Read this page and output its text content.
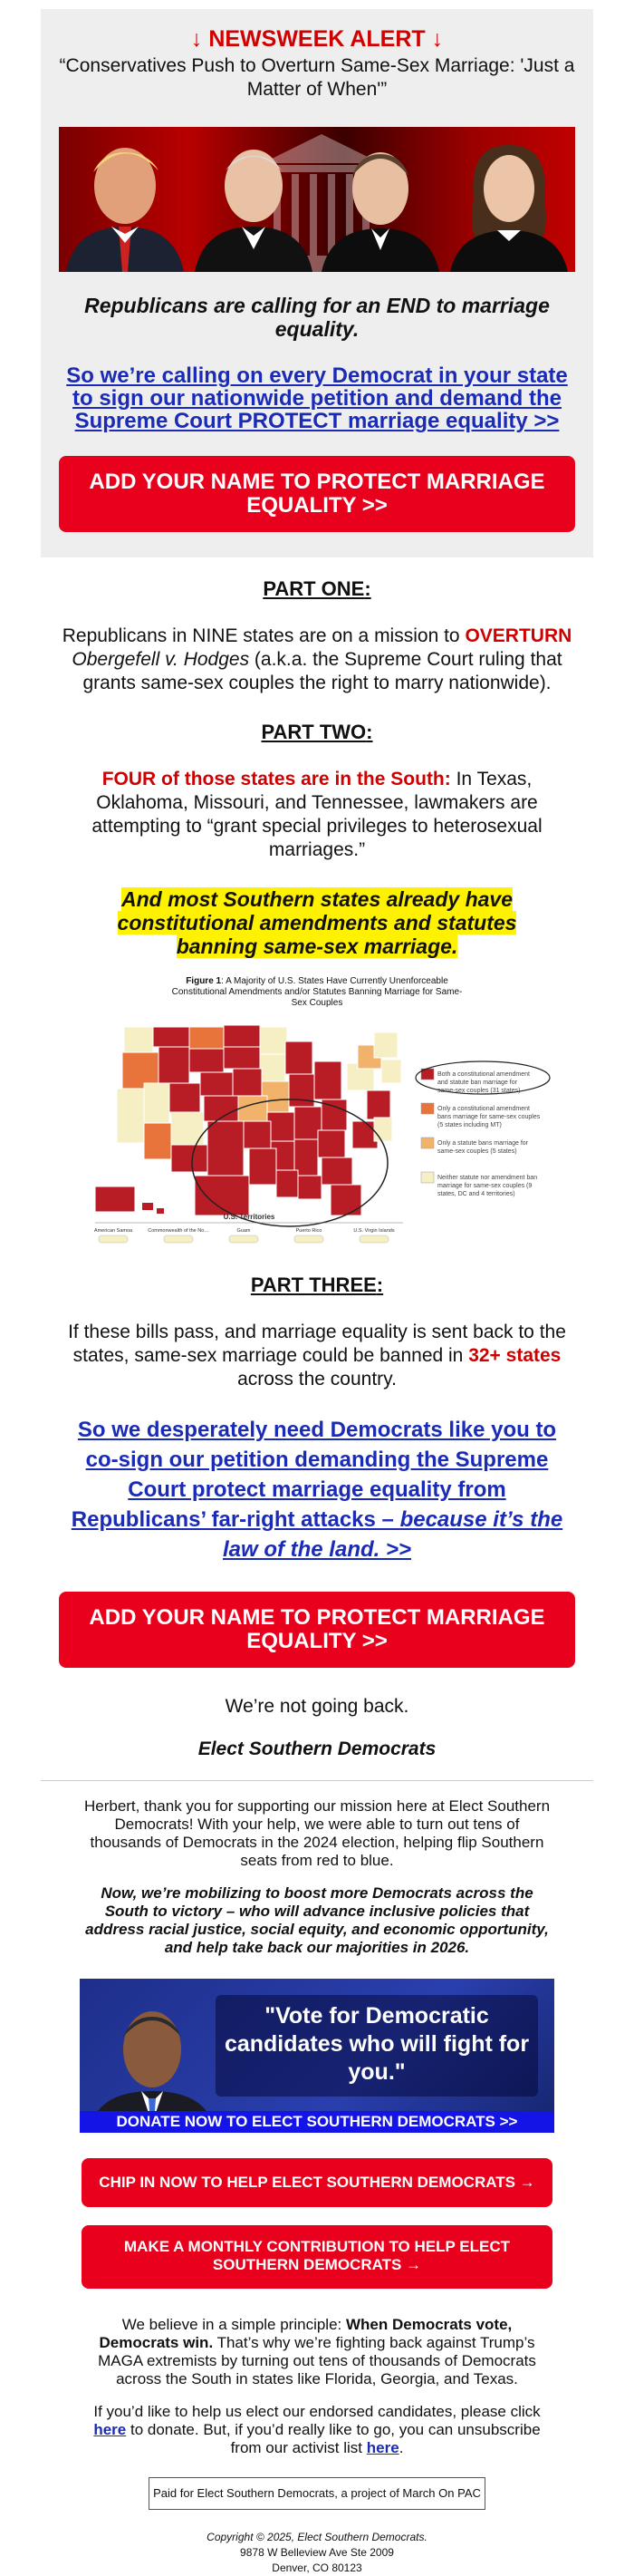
↓ NEWSWEEK ALERT ↓
“Conservatives Push to Overturn Same-Sex Marriage: 'Just a Matter of When'”
Republicans are calling for an END to marriage equality.
So we’re calling on every Democrat in your state to sign our nationwide petition and demand the Supreme Court PROTECT marriage equality >>
ADD YOUR NAME TO PROTECT MARRIAGE EQUALITY >>
PART ONE:
Republicans in NINE states are on a mission to OVERTURN Obergefell v. Hodges (a.k.a. the Supreme Court ruling that grants same-sex couples the right to marry nationwide).
PART TWO:
FOUR of those states are in the South: In Texas, Oklahoma, Missouri, and Tennessee, lawmakers are attempting to “grant special privileges to heterosexual marriages.”
And most Southern states already have constitutional amendments and statutes banning same-sex marriage.
Figure 1: A Majority of U.S. States Have Currently Unenforceable Constitutional Amendments and/or Statutes Banning Marriage for Same-Sex Couples
Both a constitutional amendment and statute ban marriage for same-sex couples (31 states)
Only a constitutional amendment bans marriage for same-sex couples (5 states including MT)
Only a statute bans marriage for same-sex couples (5 states)
Neither statute nor amendment ban marriage for same-sex couples (9 states, DC and 4 territories)
U.S. Territories
American Samoa	Commonwealth of the No…	Guam	Puerto Rico	U.S. Virgin Islands
PART THREE:
If these bills pass, and marriage equality is sent back to the states, same-sex marriage could be banned in 32+ states across the country.
So we desperately need Democrats like you to co-sign our petition demanding the Supreme Court protect marriage equality from Republicans’ far-right attacks – because it’s the law of the land. >>
ADD YOUR NAME TO PROTECT MARRIAGE EQUALITY >>
We’re not going back.
Elect Southern Democrats
Herbert, thank you for supporting our mission here at Elect Southern Democrats! With your help, we were able to turn out tens of thousands of Democrats in the 2024 election, helping flip Southern seats from red to blue.
Now, we’re mobilizing to boost more Democrats across the South to victory – who will advance inclusive policies that address racial justice, social equity, and economic opportunity, and help take back our majorities in 2026.
"Vote for Democratic candidates who will fight for you."
DONATE NOW TO ELECT SOUTHERN DEMOCRATS >>
CHIP IN NOW TO HELP ELECT SOUTHERN DEMOCRATS →
MAKE A MONTHLY CONTRIBUTION TO HELP ELECT SOUTHERN DEMOCRATS →
We believe in a simple principle: When Democrats vote, Democrats win. That’s why we’re fighting back against Trump’s MAGA extremists by turning out tens of thousands of Democrats across the South in states like Florida, Georgia, and Texas.
If you’d like to help us elect our endorsed candidates, please click here to donate. But, if you’d really like to go, you can unsubscribe from our activist list here.
Paid for Elect Southern Democrats, a project of March On PAC
Copyright © 2025, Elect Southern Democrats.
9878 W Belleview Ave Ste 2009
Denver, CO 80123
